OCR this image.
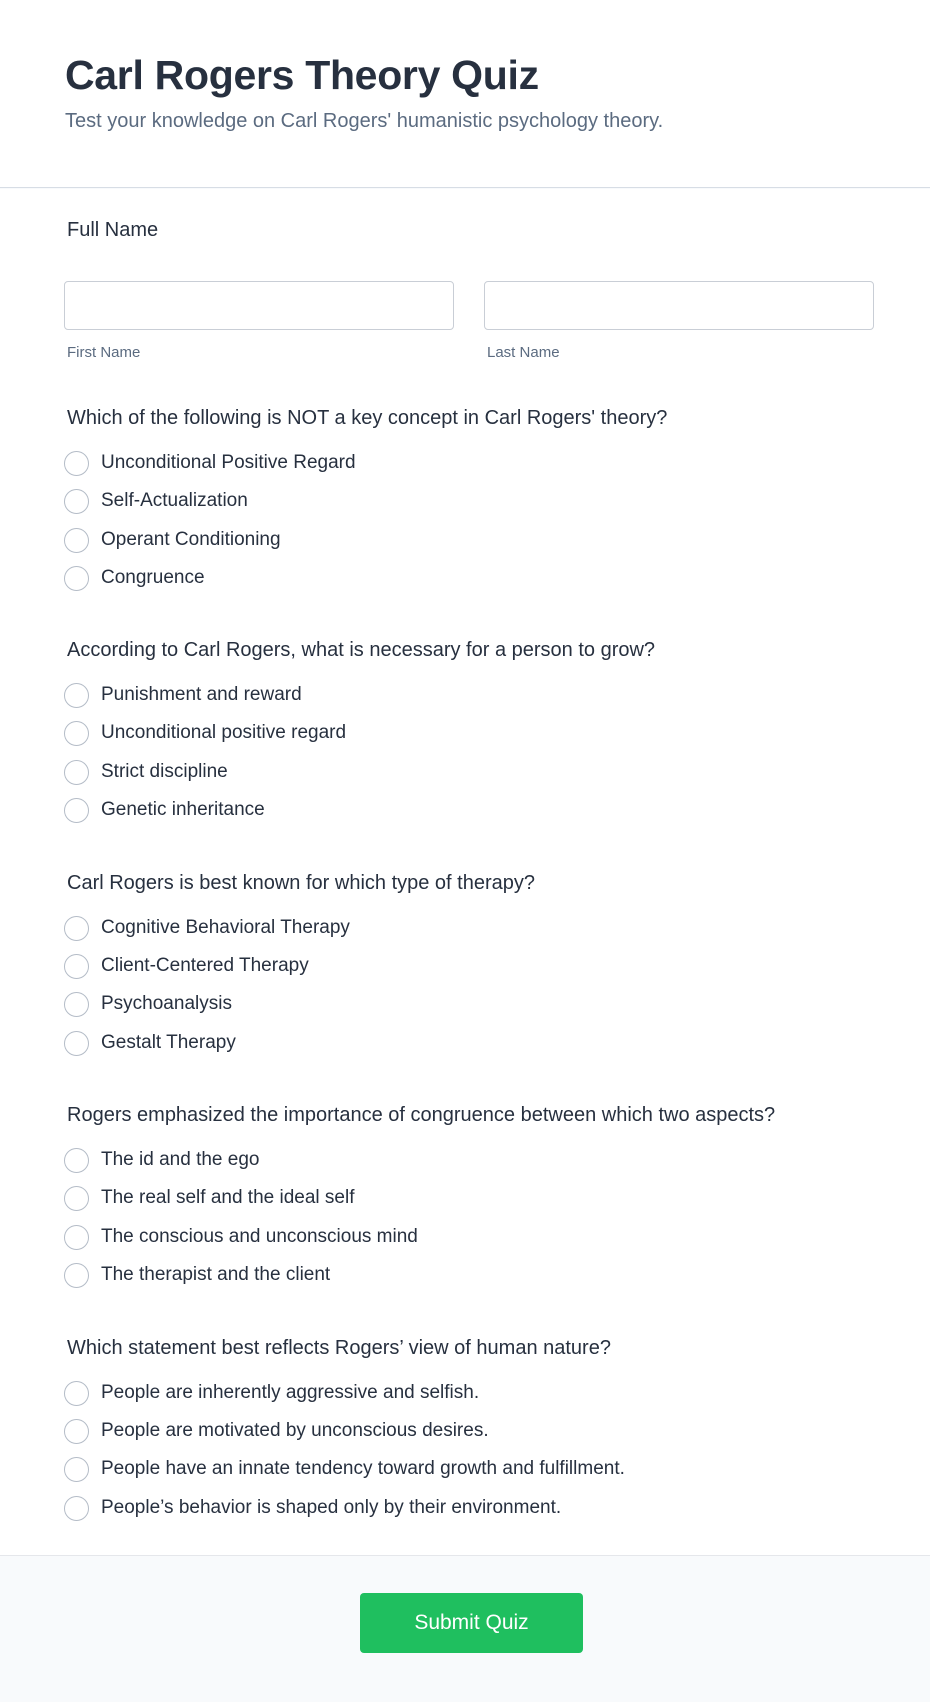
Carl Rogers Theory Quiz

Test your knowledge on Carl Rogers' humanistic psychology theory.

Full Name
First Name	Last Name
Which of the following is NOT a key concept in Carl Rogers' theory?
Unconditional Positive Regard
Self-Actualization
Operant Conditioning
Congruence
According to Carl Rogers, what is necessary for a person to grow?
Punishment and reward
Unconditional positive regard
Strict discipline
Genetic inheritance
Carl Rogers is best known for which type of therapy?
Cognitive Behavioral Therapy
Client-Centered Therapy
Psychoanalysis
Gestalt Therapy
Rogers emphasized the importance of congruence between which two aspects?
The id and the ego
The real self and the ideal self
The conscious and unconscious mind
The therapist and the client
Which statement best reflects Rogers’ view of human nature?
People are inherently aggressive and selfish.
People are motivated by unconscious desires.
People have an innate tendency toward growth and fulfillment.
People’s behavior is shaped only by their environment.
Submit Quiz
